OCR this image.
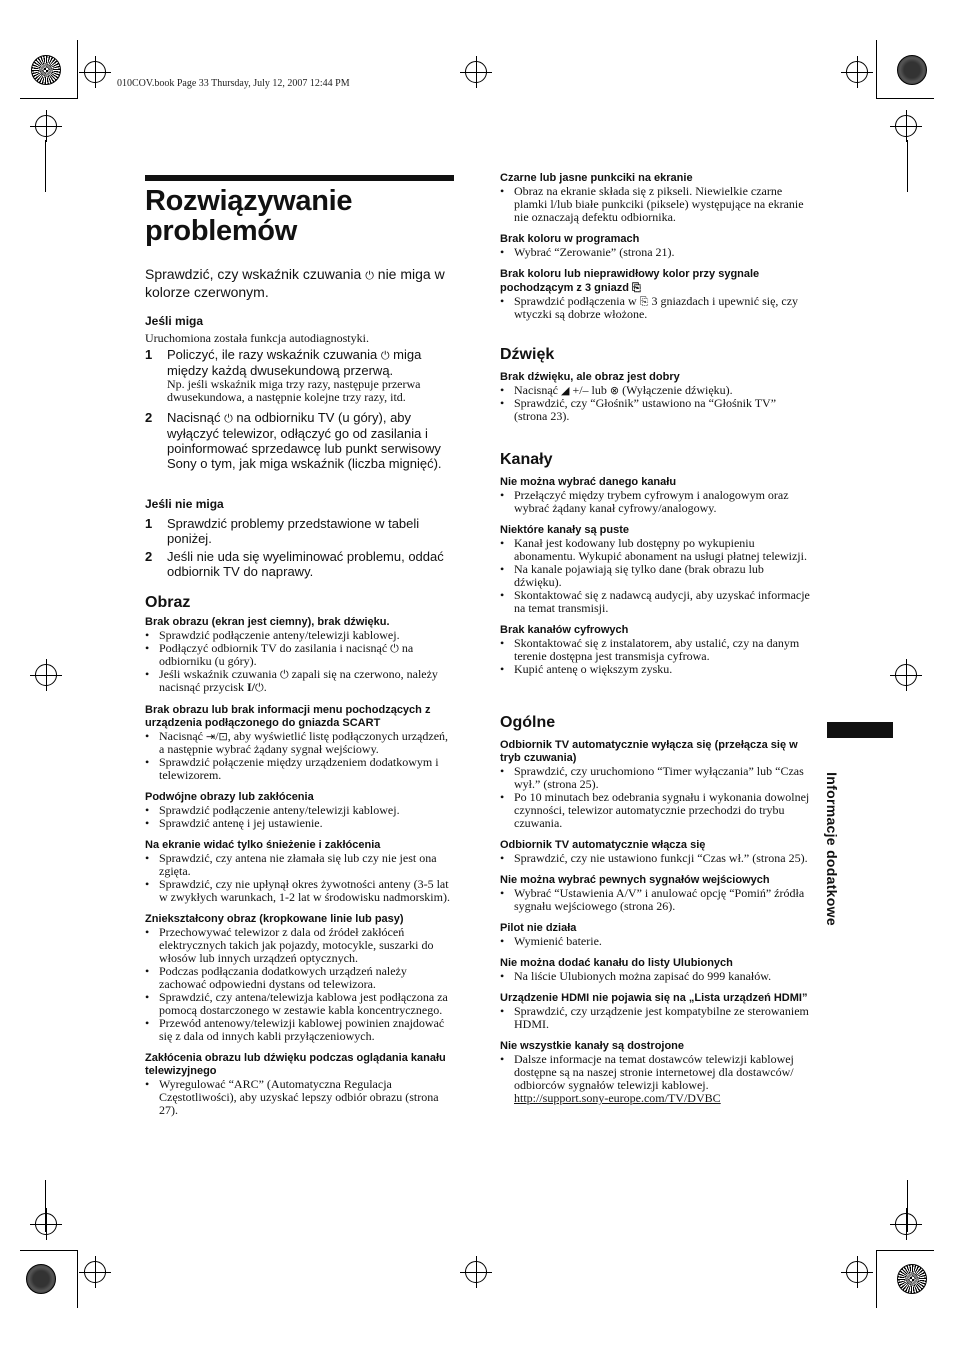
010COV.book Page 33 Thursday, July 12, 2007 12:44 PM
Rozwiązywanie problemów

Sprawdzić, czy wskaźnik czuwania ⏻ nie miga w kolorze czerwonym.

Jeśli miga

Uruchomiona została funkcja autodiagnostyki.

1 Policzyć, ile razy wskaźnik czuwania ⏻ miga między każdą dwusekundową przerwą.

Np. jeśli wskaźnik miga trzy razy, następuje przerwa dwusekundowa, a następnie kolejne trzy razy, itd.

2 Nacisnąć ⏻ na odbiorniku TV (u góry), aby wyłączyć telewizor, odłączyć go od zasilania i poinformować sprzedawcę lub punkt serwisowy Sony o tym, jak miga wskaźnik (liczba mignięć).

Jeśli nie miga

1 Sprawdzić problemy przedstawione w tabeli poniżej.

2 Jeśli nie uda się wyeliminować problemu, oddać odbiornik TV do naprawy.

Obraz

Brak obrazu (ekran jest ciemny), brak dźwięku.

• Sprawdzić podłączenie anteny/telewizji kablowej.
• Podłączyć odbiornik TV do zasilania i nacisnąć ⏻ na odbiorniku (u góry).
• Jeśli wskaźnik czuwania ⏻ zapali się na czerwono, należy nacisnąć przycisk I/⏻.

Brak obrazu lub brak informacji menu pochodzących z urządzenia podłączonego do gniazda SCART

• Nacisnąć ⇥/⊡, aby wyświetlić listę podłączonych urządzeń, a następnie wybrać żądany sygnał wejściowy.
• Sprawdzić połączenie między urządzeniem dodatkowym i telewizorem.

Podwójne obrazy lub zakłócenia

• Sprawdzić podłączenie anteny/telewizji kablowej.
• Sprawdzić antenę i jej ustawienie.

Na ekranie widać tylko śnieżenie i zakłócenia

• Sprawdzić, czy antena nie złamała się lub czy nie jest ona zgięta.
• Sprawdzić, czy nie upłynął okres żywotności anteny (3-5 lat w zwykłych warunkach, 1-2 lat w środowisku nadmorskim).

Zniekształcony obraz (kropkowane linie lub pasy)

• Przechowywać telewizor z dala od źródeł zakłóceń elektrycznych takich jak pojazdy, motocykle, suszarki do włosów lub innych urządzeń optycznych.
• Podczas podłączania dodatkowych urządzeń należy zachować odpowiedni dystans od telewizora.
• Sprawdzić, czy antena/telewizja kablowa jest podłączona za pomocą dostarczonego w zestawie kabla koncentrycznego.
• Przewód antenowy/telewizji kablowej powinien znajdować się z dala od innych kabli przyłączeniowych.

Zakłócenia obrazu lub dźwięku podczas oglądania kanału telewizyjnego

• Wyregulować “ARC” (Automatyczna Regulacja Częstotliwości), aby uzyskać lepszy odbiór obrazu (strona 27).

Czarne lub jasne punkciki na ekranie

• Obraz na ekranie składa się z pikseli. Niewielkie czarne plamki l/lub białe punkciki (piksele) występujące na ekranie nie oznaczają defektu odbiornika.

Brak koloru w programach

• Wybrać “Zerowanie” (strona 21).

Brak koloru lub nieprawidłowy kolor przy sygnale pochodzącym z 3 gniazd ⎘

• Sprawdzić podłączenia w ⎘ 3 gniazdach i upewnić się, czy wtyczki są dobrze włożone.

Dźwięk

Brak dźwięku, ale obraz jest dobry

• Nacisnąć ◢ +/– lub ⊗ (Wyłączenie dźwięku).
• Sprawdzić, czy “Głośnik” ustawiono na “Głośnik TV” (strona 23).

Kanały

Nie można wybrać danego kanału

• Przełączyć między trybem cyfrowym i analogowym oraz wybrać żądany kanał cyfrowy/analogowy.

Niektóre kanały są puste

• Kanał jest kodowany lub dostępny po wykupieniu abonamentu. Wykupić abonament na usługi płatnej telewizji.
• Na kanale pojawiają się tylko dane (brak obrazu lub dźwięku).
• Skontaktować się z nadawcą audycji, aby uzyskać informacje na temat transmisji.

Brak kanałów cyfrowych

• Skontaktować się z instalatorem, aby ustalić, czy na danym terenie dostępna jest transmisja cyfrowa.
• Kupić antenę o większym zysku.

Ogólne

Odbiornik TV automatycznie wyłącza się (przełącza się w tryb czuwania)

• Sprawdzić, czy uruchomiono “Timer wyłączania” lub “Czas wył.” (strona 25).
• Po 10 minutach bez odebrania sygnału i wykonania dowolnej czynności, telewizor automatycznie przechodzi do trybu czuwania.

Odbiornik TV automatycznie włącza się

• Sprawdzić, czy nie ustawiono funkcji “Czas wł.” (strona 25).

Nie można wybrać pewnych sygnałów wejściowych

• Wybrać “Ustawienia A/V” i anulować opcję “Pomiń” źródła sygnału wejściowego (strona 26).

Pilot nie działa

• Wymienić baterie.

Nie można dodać kanału do listy Ulubionych

• Na liście Ulubionych można zapisać do 999 kanałów.

Urządzenie HDMI nie pojawia się na „Lista urządzeń HDMI”

• Sprawdzić, czy urządzenie jest kompatybilne ze sterowaniem HDMI.

Nie wszystkie kanały są dostrojone

• Dalsze informacje na temat dostawców telewizji kablowej dostępne są na naszej stronie internetowej dla dostawców/ odbiorców sygnałów telewizji kablowej.
http://support.sony-europe.com/TV/DVBC
Informacje dodatkowe
